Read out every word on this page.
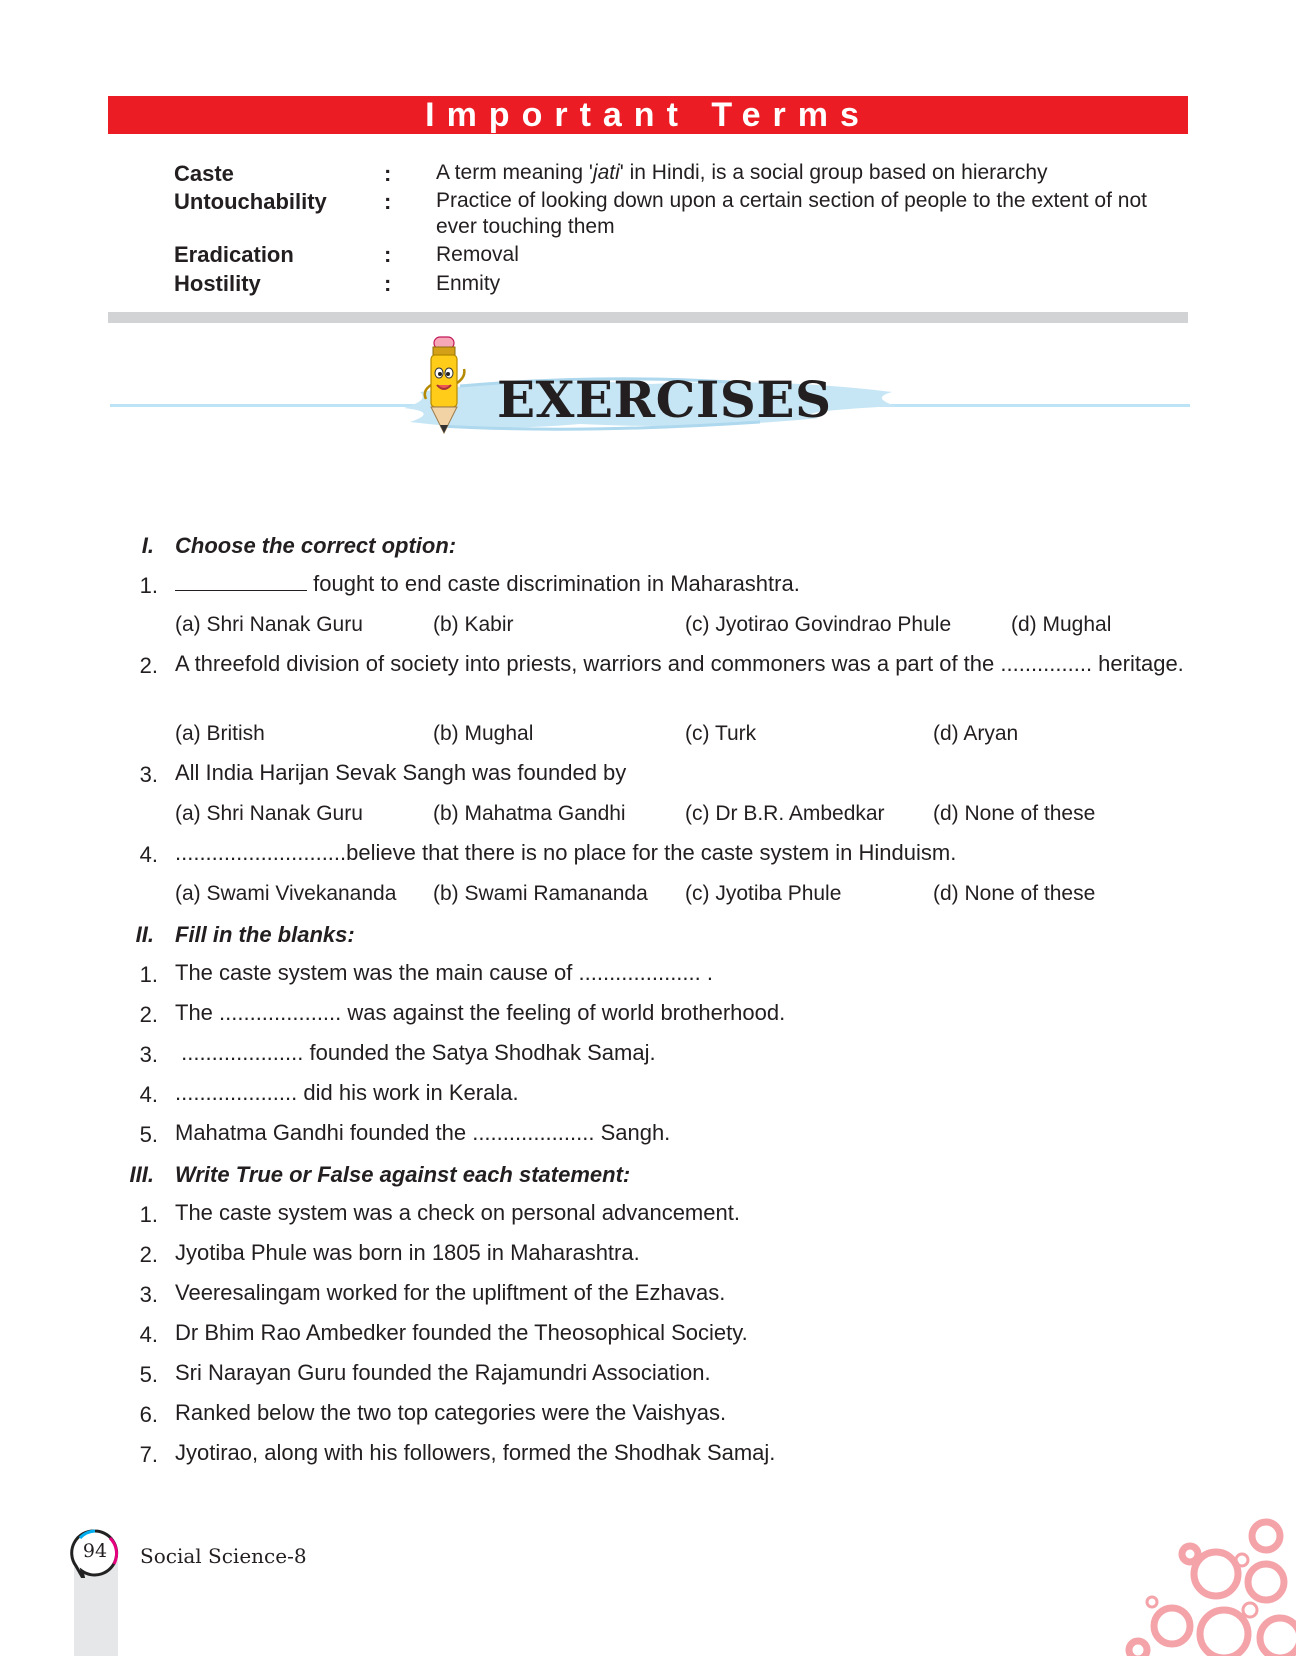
Important Terms
Caste	: A term meaning 'jati' in Hindi, is a social group based on hierarchy
Untouchability	: Practice of looking down upon a certain section of people to the extent of not ever touching them
Eradication	: Removal
Hostility	: Enmity
EXERCISES
I. Choose the correct option:
1.	fought to end caste discrimination in Maharashtra.
(a) Shri Nanak Guru	(b) Kabir	(c) Jyotirao Govindrao Phule	(d) Mughal
2. A threefold division of society into priests, warriors and commoners was a part of the ............... heritage.
(a) British	(b) Mughal	(c) Turk	(d) Aryan
3. All India Harijan Sevak Sangh was founded by
(a) Shri Nanak Guru	(b) Mahatma Gandhi	(c) Dr B.R. Ambedkar (d) None of these
4. ............................believe that there is no place for the caste system in Hinduism.
(a) Swami Vivekananda (b) Swami Ramananda (c) Jyotiba Phule	(d) None of these
II. Fill in the blanks:
1. The caste system was the main cause of .................... .
2. The .................... was against the feeling of world brotherhood.
3. .................... founded the Satya Shodhak Samaj.
4. .................... did his work in Kerala.
5. Mahatma Gandhi founded the .................... Sangh.
III. Write True or False against each statement:
1. The caste system was a check on personal advancement.
2. Jyotiba Phule was born in 1805 in Maharashtra.
3. Veeresalingam worked for the upliftment of the Ezhavas.
4. Dr Bhim Rao Ambedker founded the Theosophical Society.
5. Sri Narayan Guru founded the Rajamundri Association.
6. Ranked below the two top categories were the Vaishyas.
7. Jyotirao, along with his followers, formed the Shodhak Samaj.
94	Social Science-8
